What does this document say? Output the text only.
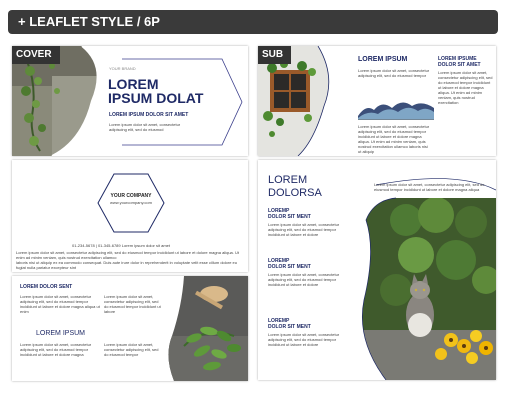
+ LEAFLET STYLE / 6P
COVER
YOUR BRAND
LOREM
IPSUM DOLAT
LOREM IPSUM DOLOR SIT AMET
Lorem ipsum dolor sit amet, consectetur
adipiscing elit, sed do eiusmod
YOUR COMPANY
www.yourcompany.com
01-234-5678 | 01-345-6789 Lorem ipsum dolor sit amet
Lorem ipsum dolor sit amet, consectetur adipiscing elit, sed do eiusmod tempor incididunt ut labore et dolore magna aliqua. Ut enim ad minim veniam, quis nostrud exercitation ullamco
laboris nisi ut aliquip ex ea commodo consequat. Duis aute irure dolor in reprehenderit in voluptate velit esse cillum dolore eu fugiat nulla pariatur excepteur sint
LOREM DOLOR SENT
Lorem ipsum dolor sit amet, consectetur adipiscing elit, sed do eiusmod tempor incididunt ut labore et dolore magna aliqua ut enim
Lorem ipsum dolor sit amet, consectetur adipiscing elit, sed do eiusmod tempor incididunt ut labore
LOREM IPSUM
Lorem ipsum dolor sit amet, consectetur adipiscing elit, sed do eiusmod tempor incididunt ut labore et dolore magna
Lorem ipsum dolor sit amet, consectetur adipiscing elit, sed do eiusmod tempor
SUB	LOREM IPSUM
Lorem ipsum dolor sit amet, consectetur adipiscing elit, sed do eiusmod tempor
Lorem ipsum dolor sit amet, consectetur adipiscing elit, sed do eiusmod tempor incididunt ut labore et dolore magna aliqua. Ut enim ad minim veniam, quis nostrud exercitation ullamco laboris nisi ut aliquip
LOREM IPSUME
DOLOR SIT AMET
Lorem ipsum dolor sit amet, consectetur adipiscing elit, sed do eiusmod tempor incididunt ut labore et dolore magna aliqua. Ut enim ad minim veniam, quis nostrud exercitation
LOREM
DOLORSA
Lorem ipsum dolor sit amet, consectetur adipiscing elit, sed do eiusmod tempor incididunt ut labore et dolore magna aliqua
LOREMP
DOLOR SIT MENT
Lorem ipsum dolor sit amet, consectetur adipiscing elit, sed do eiusmod tempor incididunt ut labore et dolore
LOREMP
DOLOR SIT MENT
Lorem ipsum dolor sit amet, consectetur adipiscing elit, sed do eiusmod tempor incididunt ut labore et dolore
LOREMP
DOLOR SIT MENT
Lorem ipsum dolor sit amet, consectetur adipiscing elit, sed do eiusmod tempor incididunt ut labore et dolore
